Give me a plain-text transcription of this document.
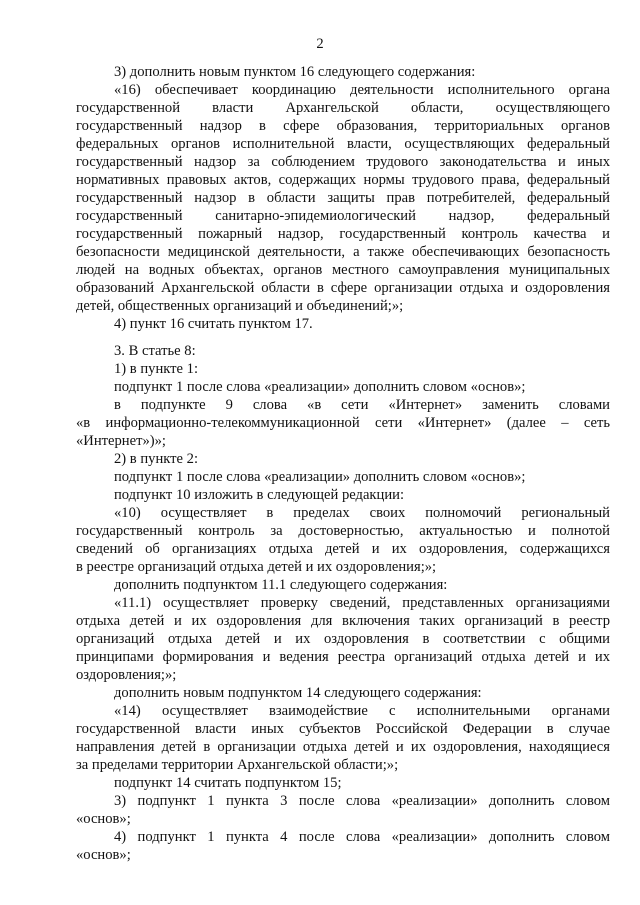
2
3) дополнить новым пунктом 16 следующего содержания:
«16) обеспечивает координацию деятельности исполнительного органа
государственной власти Архангельской области, осуществляющего
государственный надзор в сфере образования, территориальных органов
федеральных органов исполнительной власти, осуществляющих федеральный
государственный надзор за соблюдением трудового законодательства и иных
нормативных правовых актов, содержащих нормы трудового права, федеральный
государственный надзор в области защиты прав потребителей, федеральный
государственный санитарно-эпидемиологический надзор, федеральный
государственный пожарный надзор, государственный контроль качества и
безопасности медицинской деятельности, а также обеспечивающих безопасность
людей на водных объектах, органов местного самоуправления муниципальных
образований Архангельской области в сфере организации отдыха и оздоровления
детей, общественных организаций и объединений;»;
4) пункт 16 считать пунктом 17.
3. В статье 8:
1) в пункте 1:
подпункт 1 после слова «реализации» дополнить словом «основ»;
в подпункте 9 слова «в сети «Интернет» заменить словами
«в информационно-телекоммуникационной сети «Интернет» (далее – сеть
«Интернет»)»;
2) в пункте 2:
подпункт 1 после слова «реализации» дополнить словом «основ»;
подпункт 10 изложить в следующей редакции:
«10) осуществляет в пределах своих полномочий региональный
государственный контроль за достоверностью, актуальностью и полнотой
сведений об организациях отдыха детей и их оздоровления, содержащихся
в реестре организаций отдыха детей и их оздоровления;»;
дополнить подпунктом 11.1 следующего содержания:
«11.1) осуществляет проверку сведений, представленных организациями
отдыха детей и их оздоровления для включения таких организаций в реестр
организаций отдыха детей и их оздоровления в соответствии с общими
принципами формирования и ведения реестра организаций отдыха детей и их
оздоровления;»;
дополнить новым подпунктом 14 следующего содержания:
«14) осуществляет взаимодействие с исполнительными органами
государственной власти иных субъектов Российской Федерации в случае
направления детей в организации отдыха детей и их оздоровления, находящиеся
за пределами территории Архангельской области;»;
подпункт 14 считать подпунктом 15;
3) подпункт 1 пункта 3 после слова «реализации» дополнить словом
«основ»;
4) подпункт 1 пункта 4 после слова «реализации» дополнить словом
«основ»;
